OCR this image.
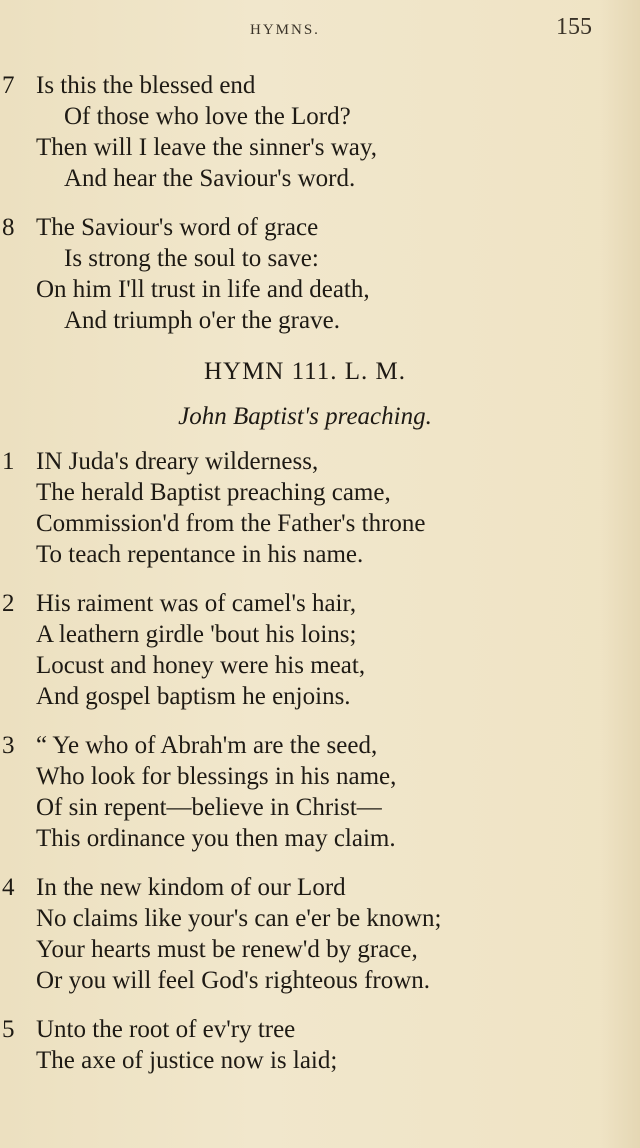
HYMNS.	155
7 Is this the blessed end
Of those who love the Lord?
Then will I leave the sinner's way,
And hear the Saviour's word.
8 The Saviour's word of grace
Is strong the soul to save:
On him I'll trust in life and death,
And triumph o'er the grave.
HYMN 111. L. M.
John Baptist's preaching.
1 IN Juda's dreary wilderness,
The herald Baptist preaching came,
Commission'd from the Father's throne
To teach repentance in his name.
2 His raiment was of camel's hair,
A leathern girdle 'bout his loins;
Locust and honey were his meat,
And gospel baptism he enjoins.
3 “ Ye who of Abrah'm are the seed,
Who look for blessings in his name,
Of sin repent—believe in Christ—
This ordinance you then may claim.
4 In the new kindom of our Lord
No claims like your's can e'er be known;
Your hearts must be renew'd by grace,
Or you will feel God's righteous frown.
5 Unto the root of ev'ry tree
The axe of justice now is laid;
